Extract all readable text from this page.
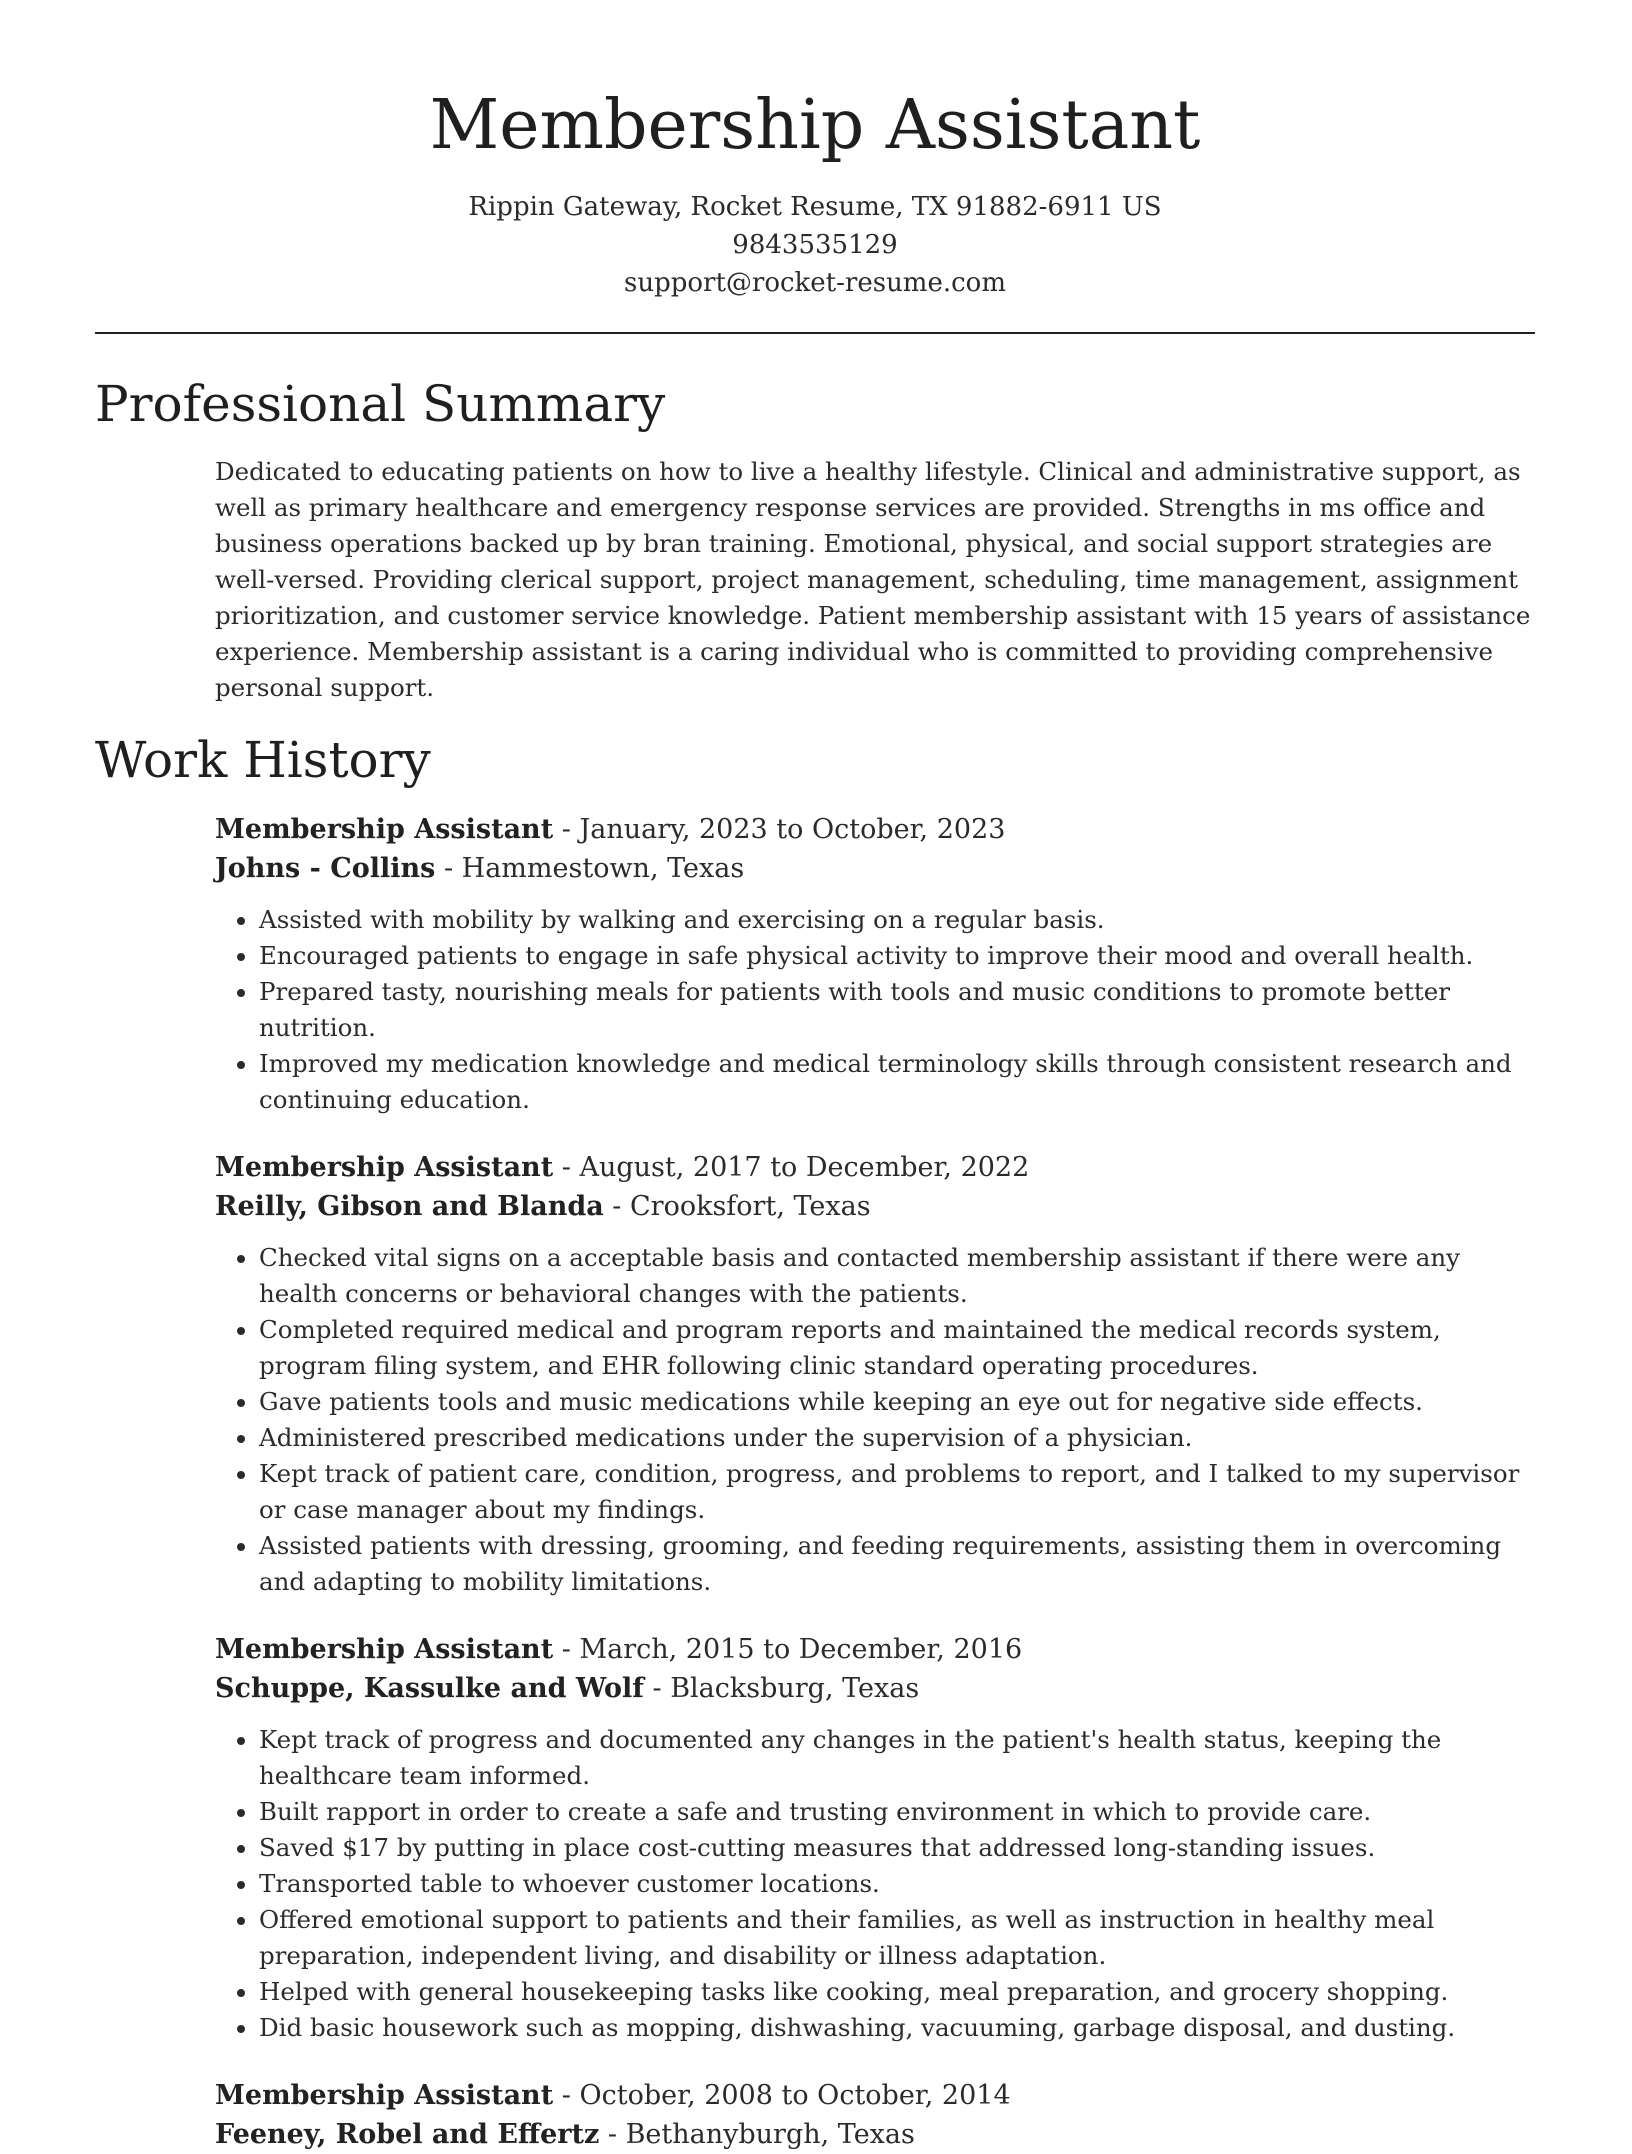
Membership Assistant
Rippin Gateway, Rocket Resume, TX 91882-6911 US
9843535129
support@rocket-resume.com
Professional Summary
Dedicated to educating patients on how to live a healthy lifestyle. Clinical and administrative support, as well as primary healthcare and emergency response services are provided. Strengths in ms office and business operations backed up by bran training. Emotional, physical, and social support strategies are well-versed. Providing clerical support, project management, scheduling, time management, assignment prioritization, and customer service knowledge. Patient membership assistant with 15 years of assistance experience. Membership assistant is a caring individual who is committed to providing comprehensive personal support.
Work History
Membership Assistant - January, 2023 to October, 2023
Johns - Collins - Hammestown, Texas
• Assisted with mobility by walking and exercising on a regular basis.
• Encouraged patients to engage in safe physical activity to improve their mood and overall health.
• Prepared tasty, nourishing meals for patients with tools and music conditions to promote better nutrition.
• Improved my medication knowledge and medical terminology skills through consistent research and continuing education.
Membership Assistant - August, 2017 to December, 2022
Reilly, Gibson and Blanda - Crooksfort, Texas
• Checked vital signs on a acceptable basis and contacted membership assistant if there were any health concerns or behavioral changes with the patients.
• Completed required medical and program reports and maintained the medical records system, program filing system, and EHR following clinic standard operating procedures.
• Gave patients tools and music medications while keeping an eye out for negative side effects.
• Administered prescribed medications under the supervision of a physician.
• Kept track of patient care, condition, progress, and problems to report, and I talked to my supervisor or case manager about my findings.
• Assisted patients with dressing, grooming, and feeding requirements, assisting them in overcoming and adapting to mobility limitations.
Membership Assistant - March, 2015 to December, 2016
Schuppe, Kassulke and Wolf - Blacksburg, Texas
• Kept track of progress and documented any changes in the patient's health status, keeping the healthcare team informed.
• Built rapport in order to create a safe and trusting environment in which to provide care.
• Saved $17 by putting in place cost-cutting measures that addressed long-standing issues.
• Transported table to whoever customer locations.
• Offered emotional support to patients and their families, as well as instruction in healthy meal preparation, independent living, and disability or illness adaptation.
• Helped with general housekeeping tasks like cooking, meal preparation, and grocery shopping.
• Did basic housework such as mopping, dishwashing, vacuuming, garbage disposal, and dusting.
Membership Assistant - October, 2008 to October, 2014
Feeney, Robel and Effertz - Bethanyburgh, Texas
